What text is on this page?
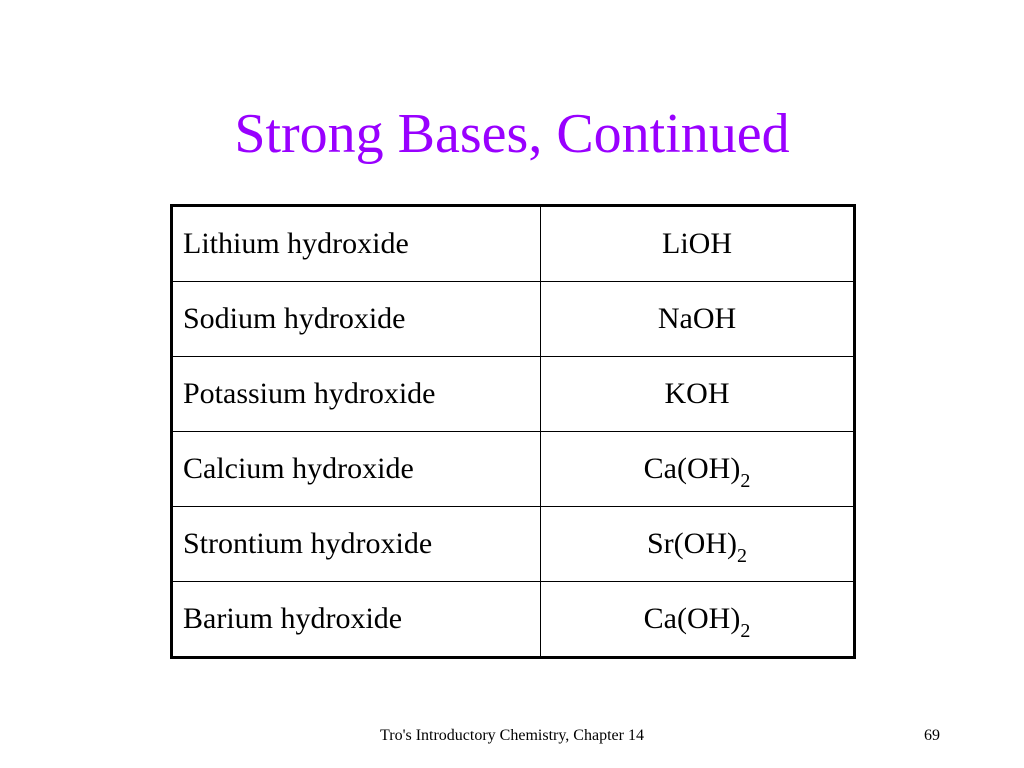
Strong Bases, Continued
Lithium hydroxide	LiOH
Sodium hydroxide	NaOH
Potassium hydroxide	KOH
Calcium hydroxide	$Ca(OH)_2$
Strontium hydroxide	$Sr(OH)_2$
Barium hydroxide	$Ca(OH)_2$
Tro's Introductory Chemistry, Chapter 14	69
